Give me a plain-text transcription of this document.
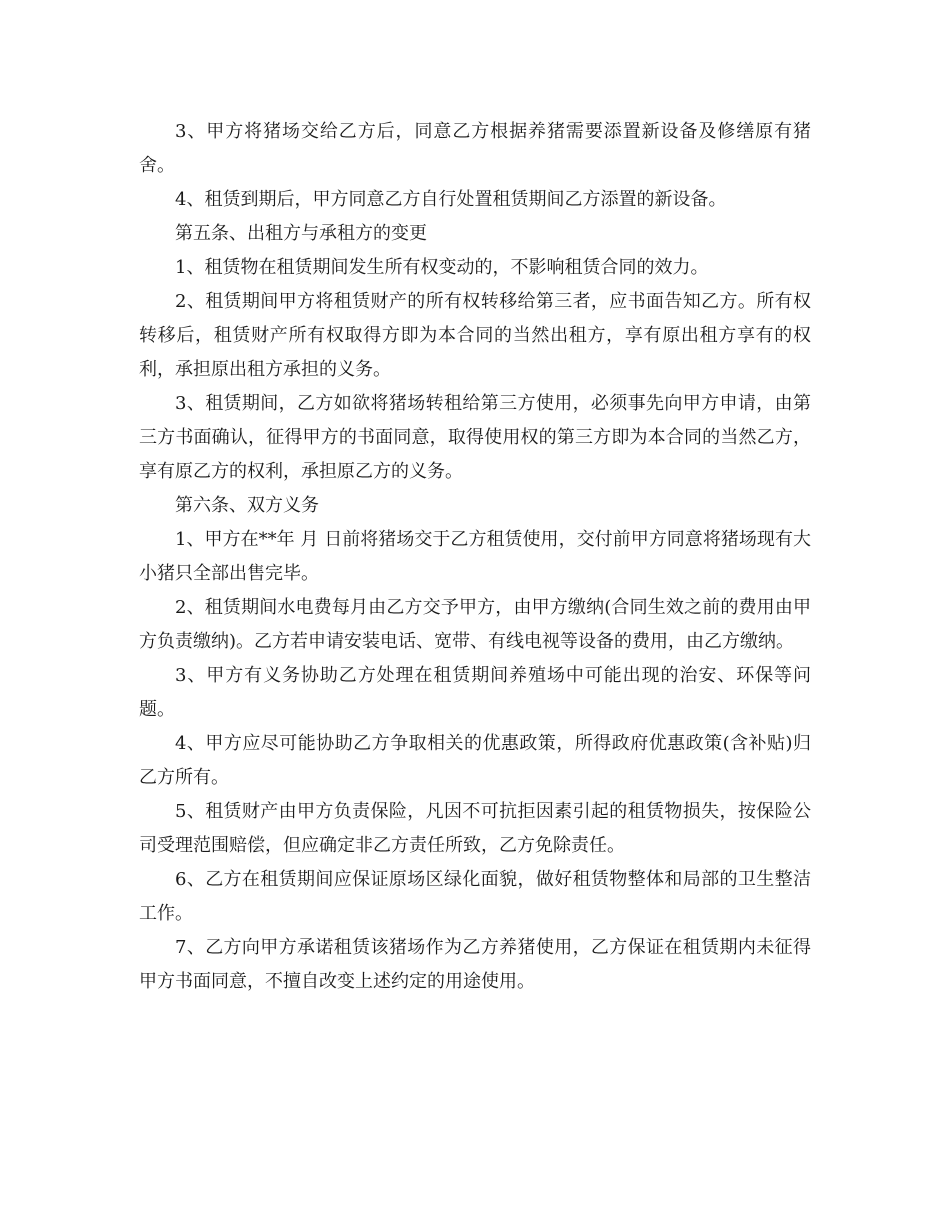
3、甲方将猪场交给乙方后，同意乙方根据养猪需要添置新设备及修缮原有猪舍。

4、租赁到期后，甲方同意乙方自行处置租赁期间乙方添置的新设备。

第五条、出租方与承租方的变更

1、租赁物在租赁期间发生所有权变动的，不影响租赁合同的效力。

2、租赁期间甲方将租赁财产的所有权转移给第三者，应书面告知乙方。所有权转移后，租赁财产所有权取得方即为本合同的当然出租方，享有原出租方享有的权利，承担原出租方承担的义务。

3、租赁期间，乙方如欲将猪场转租给第三方使用，必须事先向甲方申请，由第三方书面确认，征得甲方的书面同意，取得使用权的第三方即为本合同的当然乙方，享有原乙方的权利，承担原乙方的义务。

第六条、双方义务

1、甲方在**年 月 日前将猪场交于乙方租赁使用，交付前甲方同意将猪场现有大小猪只全部出售完毕。

2、租赁期间水电费每月由乙方交予甲方，由甲方缴纳(合同生效之前的费用由甲方负责缴纳)。乙方若申请安装电话、宽带、有线电视等设备的费用，由乙方缴纳。

3、甲方有义务协助乙方处理在租赁期间养殖场中可能出现的治安、环保等问题。

4、甲方应尽可能协助乙方争取相关的优惠政策，所得政府优惠政策(含补贴)归乙方所有。

5、租赁财产由甲方负责保险，凡因不可抗拒因素引起的租赁物损失，按保险公司受理范围赔偿，但应确定非乙方责任所致，乙方免除责任。

6、乙方在租赁期间应保证原场区绿化面貌，做好租赁物整体和局部的卫生整洁工作。

7、乙方向甲方承诺租赁该猪场作为乙方养猪使用，乙方保证在租赁期内未征得甲方书面同意，不擅自改变上述约定的用途使用。
